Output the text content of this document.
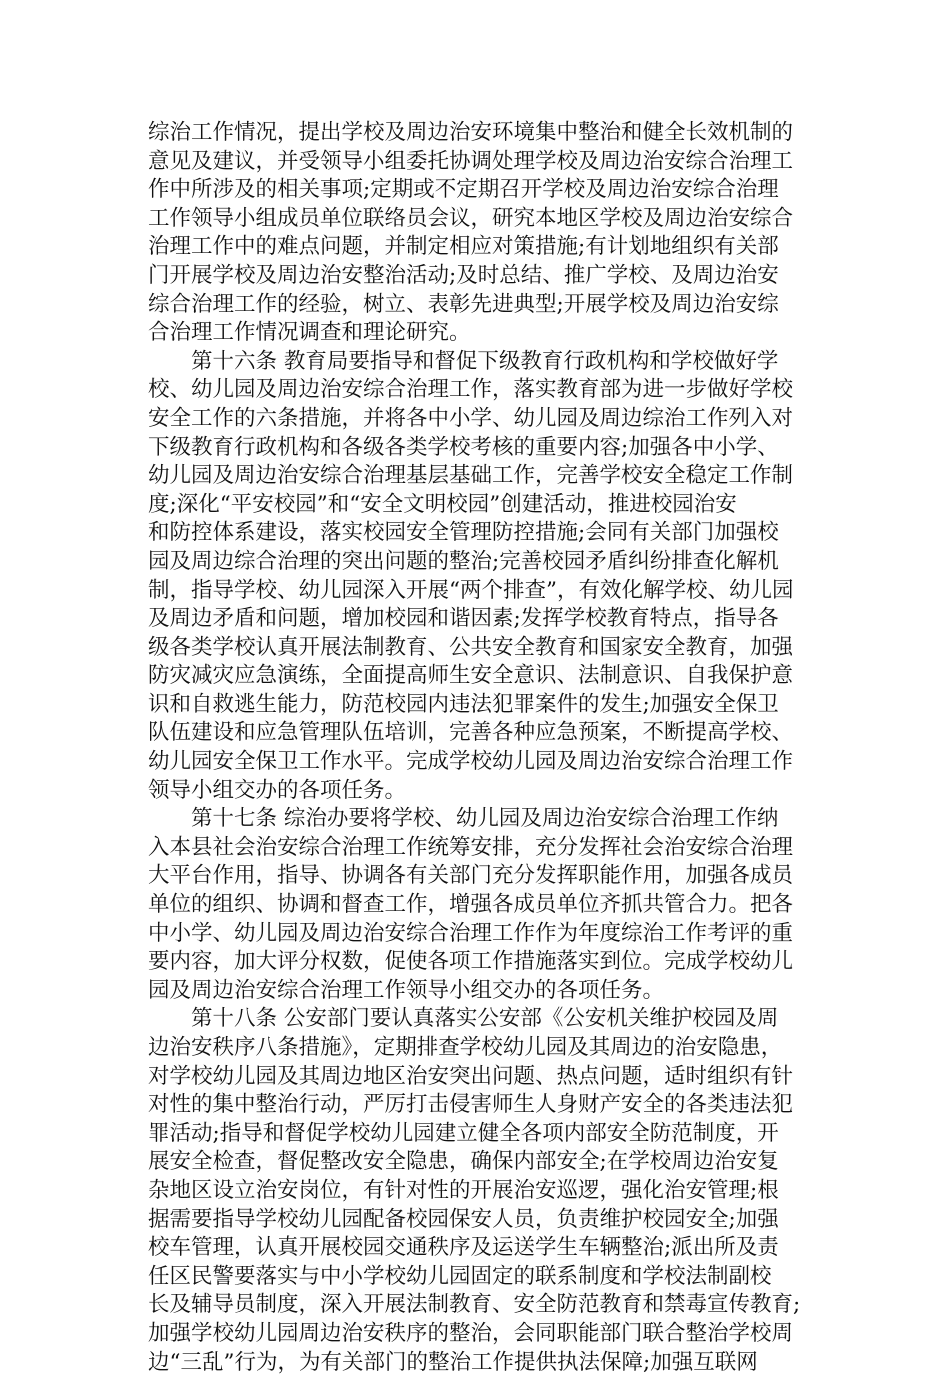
综治工作情况，提出学校及周边治安环境集中整治和健全长效机制的
意见及建议，并受领导小组委托协调处理学校及周边治安综合治理工
作中所涉及的相关事项;定期或不定期召开学校及周边治安综合治理
工作领导小组成员单位联络员会议，研究本地区学校及周边治安综合
治理工作中的难点问题，并制定相应对策措施;有计划地组织有关部
门开展学校及周边治安整治活动;及时总结、推广学校、及周边治安
综合治理工作的经验，树立、表彰先进典型;开展学校及周边治安综
合治理工作情况调查和理论研究。
　　第十六条 教育局要指导和督促下级教育行政机构和学校做好学
校、幼儿园及周边治安综合治理工作，落实教育部为进一步做好学校
安全工作的六条措施，并将各中小学、幼儿园及周边综治工作列入对
下级教育行政机构和各级各类学校考核的重要内容;加强各中小学、
幼儿园及周边治安综合治理基层基础工作，完善学校安全稳定工作制
度;深化“平安校园”和“安全文明校园”创建活动，推进校园治安
和防控体系建设，落实校园安全管理防控措施;会同有关部门加强校
园及周边综合治理的突出问题的整治;完善校园矛盾纠纷排查化解机
制，指导学校、幼儿园深入开展“两个排查”，有效化解学校、幼儿园
及周边矛盾和问题，增加校园和谐因素;发挥学校教育特点，指导各
级各类学校认真开展法制教育、公共安全教育和国家安全教育，加强
防灾减灾应急演练，全面提高师生安全意识、法制意识、自我保护意
识和自救逃生能力，防范校园内违法犯罪案件的发生;加强安全保卫
队伍建设和应急管理队伍培训，完善各种应急预案，不断提高学校、
幼儿园安全保卫工作水平。完成学校幼儿园及周边治安综合治理工作
领导小组交办的各项任务。
　　第十七条 综治办要将学校、幼儿园及周边治安综合治理工作纳
入本县社会治安综合治理工作统筹安排，充分发挥社会治安综合治理
大平台作用，指导、协调各有关部门充分发挥职能作用，加强各成员
单位的组织、协调和督查工作，增强各成员单位齐抓共管合力。把各
中小学、幼儿园及周边治安综合治理工作作为年度综治工作考评的重
要内容，加大评分权数，促使各项工作措施落实到位。完成学校幼儿
园及周边治安综合治理工作领导小组交办的各项任务。
　　第十八条 公安部门要认真落实公安部《公安机关维护校园及周
边治安秩序八条措施》，定期排查学校幼儿园及其周边的治安隐患，
对学校幼儿园及其周边地区治安突出问题、热点问题，适时组织有针
对性的集中整治行动，严厉打击侵害师生人身财产安全的各类违法犯
罪活动;指导和督促学校幼儿园建立健全各项内部安全防范制度，开
展安全检查，督促整改安全隐患，确保内部安全;在学校周边治安复
杂地区设立治安岗位，有针对性的开展治安巡逻，强化治安管理;根
据需要指导学校幼儿园配备校园保安人员，负责维护校园安全;加强
校车管理，认真开展校园交通秩序及运送学生车辆整治;派出所及责
任区民警要落实与中小学校幼儿园固定的联系制度和学校法制副校
长及辅导员制度，深入开展法制教育、安全防范教育和禁毒宣传教育;
加强学校幼儿园周边治安秩序的整治，会同职能部门联合整治学校周
边“三乱”行为，为有关部门的整治工作提供执法保障;加强互联网
